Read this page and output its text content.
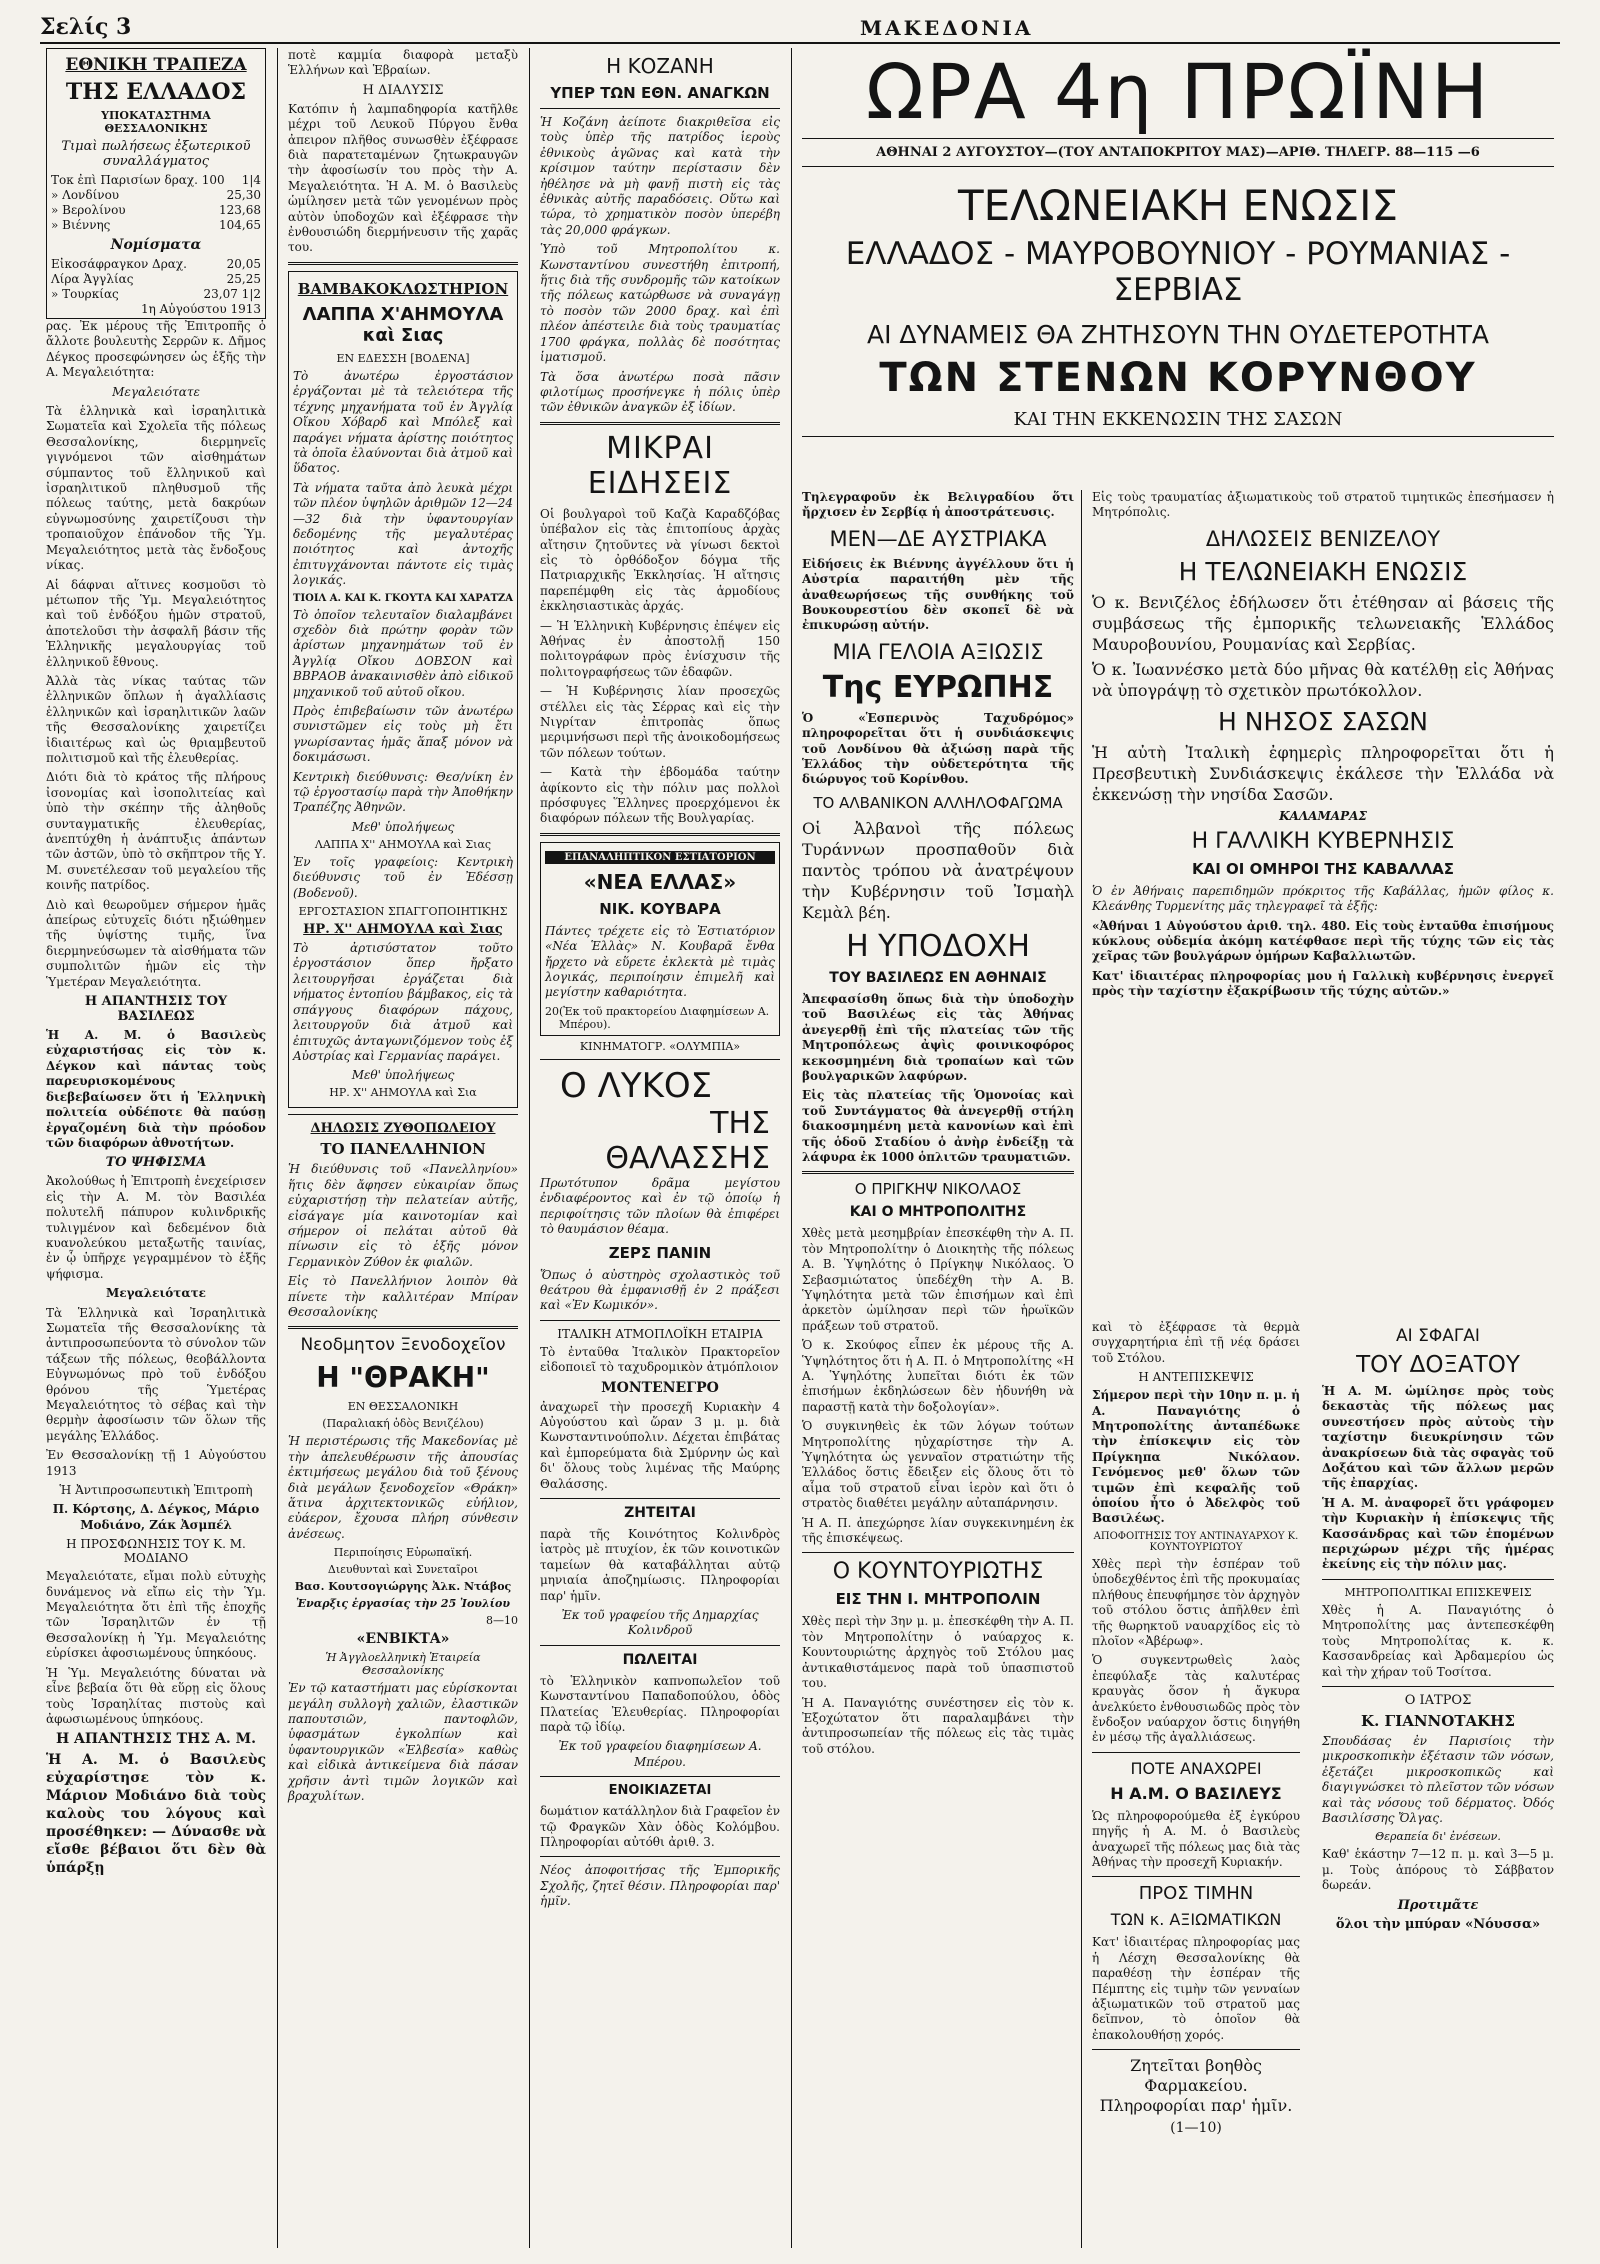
Σελίς 3	ΜΑΚΕΔΟΝΙΑ
ΕΘΝΙΚΗ ΤΡΑΠΕΖΑ
ΤΗΣ ΕΛΛΑΔΟΣ
ΥΠΟΚΑΤΑΣΤΗΜΑ ΘΕΣΣΑΛΟΝΙΚΗΣ
Τιμαὶ πωλήσεως ἐξωτερικοῦ συναλλάγματος
Τοκ ἐπὶ Παρισίων δραχ. 100 1|4
» Λονδίνου	25,30
» Βερολίνου	123,68
» Βιέννης	104,65
Νομίσματα
Εἰκοσάφραγκον Δραχ.	20,05
Λίρα Ἀγγλίας	25,25
» Τουρκίας	23,07 1|2
1η Αὐγούστου 1913

ρας. Ἐκ μέρους τῆς Ἐπιτροπῆς ὁ ἄλλοτε βουλευτὴς Σερρῶν κ. Δῆμος Δέγκος προσεφώνησεν ὡς ἑξῆς τὴν Α. Μεγαλειότητα:

Μεγαλειότατε

Τὰ ἑλληνικὰ καὶ ἰσραηλιτικὰ Σωματεῖα καὶ Σχολεῖα τῆς πόλεως Θεσσαλονίκης, διερμηνεῖς γιγνόμενοι τῶν αἰσθημάτων σύμπαντος τοῦ ἔλληνικοῦ καὶ ἰσραηλιτικοῦ πληθυσμοῦ τῆς πόλεως ταύτης, μετὰ δακρύων εὐγνωμοσύνης χαιρετίζουσι τὴν τροπαιοῦχον ἐπάνοδον τῆς Ὑμ. Μεγαλειότητος μετὰ τὰς ἔνδοξους νίκας.

Αἱ δάφναι αἵτινες κοσμοῦσι τὸ μέτωπον τῆς Ὑμ. Μεγαλειότητος καὶ τοῦ ἐνδόξου ἡμῶν στρατοῦ, ἀποτελοῦσι τὴν ἀσφαλῆ βάσιν τῆς Ἑλληνικῆς μεγαλουργίας τοῦ ἑλληνικοῦ ἔθνους.

Ἀλλὰ τὰς νίκας ταύτας τῶν ἑλληνικῶν ὅπλων ἡ ἀγαλλίασις ἑλληνικῶν καὶ ἰσραηλιτικῶν λαῶν τῆς Θεσσαλονίκης χαιρετίζει ἰδιαιτέρως καὶ ὡς θριαμβευτοῦ πολιτισμοῦ καὶ τῆς ἐλευθερίας.

Διότι διὰ τὸ κράτος τῆς πλήρους ἰσονομίας καὶ ἰσοπολιτείας καὶ ὑπὸ τὴν σκέπην τῆς ἀληθοῦς συνταγματικῆς ἐλευθερίας, ἀνεπτύχθη ἡ ἀνάπτυξις ἁπάντων τῶν ἀστῶν, ὑπὸ τὸ σκῆπτρον τῆς Υ. Μ. συνετέλεσαν τοῦ μεγαλείου τῆς κοινῆς πατρίδος.

Διὸ καὶ θεωροῦμεν σήμερον ἡμᾶς ἀπείρως εὐτυχεῖς διότι ηξιώθημεν τῆς ὑψίστης τιμῆς, ἵνα διερμηνεύσωμεν τὰ αἰσθήματα τῶν συμπολιτῶν ἡμῶν εἰς τὴν Ὑμετέραν Μεγαλειότητα.

Η ΑΠΑΝΤΗΣΙΣ ΤΟΥ ΒΑΣΙΛΕΩΣ

Ἡ Α. Μ. ὁ Βασιλεὺς εὐχαριστήσας εἰς τὸν κ. Δέγκον καὶ πάντας τοὺς παρευρισκομένους διεβεβαίωσεν ὅτι ἡ Ἑλληνικὴ πολιτεία οὐδέποτε θὰ παύσῃ ἐργαζομένη διὰ τὴν πρόοδον τῶν διαφόρων ἀθνοτήτων.

ΤΟ ΨΗΦΙΣΜΑ

Ἀκολούθως ἡ Ἐπιτροπὴ ἐνεχείρισεν εἰς τὴν Α. Μ. τὸν Βασιλέα πολυτελῆ πάπυρον κυλινδρικῆς τυλιγμένον καὶ δεδεμένον διὰ κυανολεύκου μεταξωτῆς ταινίας, ἐν ᾧ ὑπῆρχε γεγραμμένον τὸ ἑξῆς ψήφισμα.

Μεγαλειότατε

Τὰ Ἑλληνικὰ καὶ Ἰσραηλιτικὰ Σωματεῖα τῆς Θεσσαλονίκης τὰ ἀντιπροσωπεύοντα τὸ σύνολον τῶν τάξεων τῆς πόλεως, θεοβάλλοντα Εὐγνωμόνως πρὸ τοῦ ἐνδόξου θρόνου τῆς Ὑμετέρας Μεγαλειότητος τὸ σέβας καὶ τὴν θερμὴν ἀφοσίωσιν τῶν ὅλων τῆς μεγάλης Ἑλλάδος.

Ἐν Θεσσαλονίκῃ τῇ 1 Αὐγούστου 1913

Ἡ Ἀντιπροσωπευτικὴ Ἐπιτροπὴ

Π. Κόρτσης, Δ. Δέγκος, Μάριο Μοδιάνο, Ζάκ Ἀσμπέλ

Η ΠΡΟΣΦΩΝΗΣΙΣ ΤΟΥ Κ. Μ. ΜΟΔΙΑΝΟ

Μεγαλειότατε, εἴμαι πολὺ εὐτυχὴς δυνάμενος νὰ εἴπω εἰς τὴν Ὑμ. Μεγαλειότητα ὅτι ἐπὶ τῆς ἐποχῆς τῶν Ἰσραηλιτῶν ἐν τῇ Θεσσαλονίκῃ ἡ Ὑμ. Μεγαλειότης εὑρίσκει ἀφοσιωμένους ὑπηκόους.

Ἡ Ὑμ. Μεγαλειότης δύναται νὰ εἶνε βεβαία ὅτι θὰ εὕρῃ εἰς ὅλους τοὺς Ἰσραηλίτας πιστοὺς καὶ ἀφωσιωμένους ὑπηκόους.

Η ΑΠΑΝΤΗΣΙΣ ΤΗΣ Α. Μ.

Ἡ Α. Μ. ὁ Βασιλεὺς εὐχαρίστησε τὸν κ. Μάριον Μοδιάνο διὰ τοὺς καλοὺς του λόγους καὶ προσέθηκεν: — Δύνασθε νὰ εἴσθε βέβαιοι ὅτι δὲν θὰ ὑπάρξῃ

ποτὲ καμμία διαφορὰ μεταξὺ Ἑλλήνων καὶ Ἑβραίων.

Η ΔΙΑΛΥΣΙΣ

Κατόπιν ἡ λαμπαδηφορία κατῆλθε μέχρι τοῦ Λευκοῦ Πύργου ἔνθα ἀπειρον πλῆθος συνωσθὲν ἐξέφρασε διὰ παρατεταμένων ζητωκραυγῶν τὴν ἀφοσίωσίν του πρὸς τὴν Α. Μεγαλειότητα. Ἡ Α. Μ. ὁ Βασιλεὺς ὡμίλησεν μετὰ τῶν γενομένων πρὸς αὐτὸν ὑποδοχῶν καὶ ἐξέφρασε τὴν ἐνθουσιώδη διερμήνευσιν τῆς χαρᾶς του.

ΒΑΜΒΑΚΟΚΛΩΣΤΗΡΙΟΝ
ΛΑΠΠΑ Χ'ΑΗΜΟΥΛΑ καὶ Σιας
ΕΝ ΕΔΕΣΣΗ [ΒΟΔΕΝΑ]

Τὸ ἀνωτέρω ἐργοστάσιον ἐργάζονται μὲ τὰ τελειότερα τῆς τέχνης μηχανήματα τοῦ ἐν Ἀγγλίᾳ Οἴκου Χόβαρδ καὶ Μπόλεξ καὶ παράγει νήματα ἀρίστης ποιότητος τὰ ὁποῖα ἐλαύνονται διὰ ἀτμοῦ καὶ ὕδατος.

Τὰ νήματα ταῦτα ἀπὸ λευκὰ μέχρι τῶν πλέον ὑψηλῶν ἀριθμῶν 12—24—32 διὰ τὴν ὑφαντουργίαν δεδομένης τῆς μεγαλυτέρας ποιότητος καὶ ἀντοχῆς ἐπιτυγχάνονται πάντοτε εἰς τιμὰς λογικάς.

ΤΙΟΙΛ Α. ΚΑΙ Κ. ΓΚΟΥΤΑ ΚΑΙ ΧΑΡΑΤΖΑ

Τὸ ὁποῖον τελευταῖον διαλαμβάνει σχεδὸν διὰ πρώτην φορὰν τῶν ἀρίστων μηχανημάτων τοῦ ἐν Ἀγγλίᾳ Οἴκου ΔΟΒΣΟΝ καὶ ΒΒΡΑΟΒ ἀνακαινισθὲν ἀπὸ εἰδικοῦ μηχανικοῦ τοῦ αὐτοῦ οἴκου.

Πρὸς ἐπιβεβαίωσιν τῶν ἀνωτέρω συνιστῶμεν εἰς τοὺς μὴ ἔτι γνωρίσαντας ἡμᾶς ἅπαξ μόνον νὰ δοκιμάσωσι.

Κεντρικὴ διεύθυνσις: Θεσ/νίκη ἐν τῷ ἐργοστασίῳ παρὰ τὴν Ἀποθήκην Τραπέζης Ἀθηνῶν.

Μεθ' ὑπολήψεως
ΛΑΠΠΑ Χ'' ΑΗΜΟΥΛΑ καὶ Σιας

Ἐν τοῖς γραφείοις: Κεντρικὴ διεύθυνσις τοῦ ἐν Ἐδέσσῃ (Βοδενοῦ).

ΕΡΓΟΣΤΑΣΙΟΝ ΣΠΑΓΓΟΠΟΙΗΤΙΚΗΣ
ΗΡ. Χ'' ΑΗΜΟΥΛΑ καὶ Σιας

Τὸ ἀρτισύστατον τοῦτο ἐργοστάσιον ὅπερ ἤρξατο λειτουργῆσαι ἐργάζεται διὰ νήματος ἐντοπίου βάμβακος, εἰς τὰ σπάγγους διαφόρων πάχους, λειτουργοῦν διὰ ἀτμοῦ καὶ ἐπιτυχῶς ἀνταγωνιζόμενον τοὺς ἐξ Αὐστρίας καὶ Γερμανίας παράγει.

Μεθ' ὑπολήψεως
ΗΡ. Χ'' ΑΗΜΟΥΛΑ καὶ Σια
ΔΗΛΩΣΙΣ ΖΥΘΟΠΩΛΕΙΟΥ
ΤΟ ΠΑΝΕΛΛΗΝΙΟΝ

Ἡ διεύθυνσις τοῦ «Πανελληνίου» ἥτις δὲν ἄφησεν εὐκαιρίαν ὅπως εὐχαριστήσῃ τὴν πελατείαν αὐτῆς, εἰσάγαγε μία καινοτομίαν καὶ σήμερον οἱ πελάται αὐτοῦ θὰ πίνωσιν εἰς τὸ ἑξῆς μόνον Γερμανικὸν Ζύθον ἐκ φιαλῶν.

Εἰς τὸ Πανελλήνιον λοιπὸν θὰ πίνετε τὴν καλλιτέραν Μπίραν Θεσσαλονίκης

Νεοδμητον Ξενοδοχεῖον
Η "ΘΡΑΚΗ"
ΕΝ ΘΕΣΣΑΛΟΝΙΚΗ
(Παραλιακή ὁδὸς Βενιζέλου)

Ἡ περιστέρωσις τῆς Μακεδονίας μὲ τὴν ἀπελευθέρωσιν τῆς ἀπουσίας ἐκτιμήσεως μεγάλου διὰ τοῦ ξένους διὰ μεγάλων ξενοδοχεῖον «Θράκη» ἅτινα ἀρχιτεκτονικῶς εὐήλιον, εὐάερον, ἔχουσα πλήρη σύνθεσιν ἀνέσεως.

Περιποίησις Εὐρωπαϊκή.
Διευθυνταὶ καὶ Συνεταῖροι
Βασ. Κουτσογιώργης Ἀλκ. Ντάβος
Ἐναρξις ἐργασίας τὴν 25 Ἰουλίου
8—10
«ΕΝΒΙΚΤΑ»
Ἡ Ἀγγλοελληνικὴ Ἑταιρεία Θεσσαλονίκης

Ἐν τῷ καταστήματι μας εὑρίσκονται μεγάλη συλλογὴ χαλιῶν, ἐλαστικῶν παπουτσιῶν, παντοφλῶν, ὑφασμάτων ἐγκολπίων καὶ ὑφαντουργικῶν «Ἑλβεσία» καθὼς καὶ εἰδικὰ ἀντικείμενα διὰ πάσαν χρῆσιν ἀντὶ τιμῶν λογικῶν καὶ βραχυλίτων.

Η ΚΟΖΑΝΗ
ΥΠΕΡ ΤΩΝ ΕΘΝ. ΑΝΑΓΚΩΝ

Ἡ Κοζάνη ἀείποτε διακριθεῖσα εἰς τοὺς ὑπὲρ τῆς πατρίδος ἱεροὺς ἐθνικοὺς ἀγῶνας καὶ κατὰ τὴν κρίσιμον ταύτην περίστασιν δὲν ἠθέλησε νὰ μὴ φανῇ πιστὴ εἰς τὰς ἐθνικὰς αὐτῆς παραδόσεις. Οὕτω καὶ τώρα, τὸ χρηματικὸν ποσὸν ὑπερέβη τὰς 20,000 φράγκων.

Ὑπὸ τοῦ Μητροπολίτου κ. Κωνσταντίνου συνεστήθη ἐπιτροπή, ἥτις διὰ τῆς συνδρομῆς τῶν κατοίκων τῆς πόλεως κατώρθωσε νὰ συναγάγῃ τὸ ποσὸν τῶν 2000 δραχ. καὶ ἐπὶ πλέον ἀπέστειλε διὰ τοὺς τραυματίας 1700 φράγκα, πολλὰς δὲ ποσότητας ἱματισμοῦ.

Τὰ ὅσα ἀνωτέρω ποσὰ πᾶσιν φιλοτίμως προσήνεγκε ἡ πόλις ὑπὲρ τῶν ἐθνικῶν ἀναγκῶν ἐξ ἰδίων.

ΜΙΚΡΑΙ ΕΙΔΗΣΕΙΣ

Οἱ βουλγαροὶ τοῦ Καζὰ Καραδζόβας ὑπέβαλον εἰς τὰς ἐπιτοπίους ἀρχὰς αἴτησιν ζητοῦντες νὰ γίνωσι δεκτοὶ εἰς τὸ ὀρθόδοξον δόγμα τῆς Πατριαρχικῆς Ἐκκλησίας. Ἡ αἴτησις παρεπέμφθη εἰς τὰς ἁρμοδίους ἐκκλησιαστικὰς ἀρχάς.

— Ἡ Ἑλληνικὴ Κυβέρνησις ἐπέψεν εἰς Ἀθήνας ἐν ἀποστολῇ 150 πολιτογράφων πρὸς ἐνίσχυσιν τῆς πολιτογραφήσεως τῶν ἐδαφῶν.

— Ἡ Κυβέρνησις λίαν προσεχῶς στέλλει εἰς τὰς Σέρρας καὶ εἰς τὴν Νιγρίταν ἐπιτροπὰς ὅπως μεριμνήσωσι περὶ τῆς ἀνοικοδομήσεως τῶν πόλεων τούτων.

— Κατὰ τὴν ἑβδομάδα ταύτην ἀφίκοντο εἰς τὴν πόλιν μας πολλοὶ πρόσφυγες Ἕλληνες προερχόμενοι ἐκ διαφόρων πόλεων τῆς Βουλγαρίας.

ΕΠΑΝΑΛΗΠΤΙΚΟΝ ΕΣΤΙΑΤΟΡΙΟΝ
«ΝΕΑ ΕΛΛΑΣ»
ΝΙΚ. ΚΟΥΒΑΡΑ

Πάντες τρέχετε εἰς τὸ Ἐστιατόριον «Νέα Ἑλλὰς» Ν. Κουβαρᾶ ἔνθα ἤρχετο νὰ εὕρετε ἐκλεκτὰ μὲ τιμὰς λογικάς, περιποίησιν ἐπιμελῆ καὶ μεγίστην καθαριότητα.

20 (Ἐκ τοῦ πρακτορείου Διαφημίσεων Α. Μπέρου).
ΚΙΝΗΜΑΤΟΓΡ. «ΟΛΥΜΠΙΑ»
Ο ΛΥΚΟΣ
ΤΗΣ ΘΑΛΑΣΣΗΣ

Πρωτότυπον δρᾶμα μεγίστου ἐνδιαφέροντος καὶ ἐν τῷ ὁποίῳ ἡ περιφοίτησις τῶν πλοίων θὰ ἐπιφέρει τὸ θαυμάσιον θέαμα.

ΖΕΡΣ ΠΑΝΙΝ

Ὅπως ὁ αὐστηρὸς σχολαστικὸς τοῦ θεάτρου θὰ ἐμφανισθῇ ἐν 2 πράξεσι καὶ «Ἐν Κωμικόν».

ΙΤΑΛΙΚΗ ΑΤΜΟΠΛΟΪΚΗ ΕΤΑΙΡΙΑ

Τὸ ἐνταῦθα Ἰταλικὸν Πρακτορεῖον εἰδοποιεῖ τὸ ταχυδρομικὸν ἀτμόπλοιον

ΜΟΝΤΕΝΕΓΡΟ

ἀναχωρεῖ τὴν προσεχῆ Κυριακὴν 4 Αὐγούστου καὶ ὥραν 3 μ. μ. διὰ Κωνσταντινούπολιν. Δέχεται ἐπιβάτας καὶ ἐμπορεύματα διὰ Σμύρνην ὡς καὶ δι' ὅλους τοὺς λιμένας τῆς Μαύρης Θαλάσσης.

ΖΗΤΕΙΤΑΙ

παρὰ τῆς Κοινότητος Κολινδρὸς ἰατρὸς μὲ πτυχίον, ἐκ τῶν κοινοτικῶν ταμείων θὰ καταβάλληται αὐτῷ μηνιαία ἀποζημίωσις. Πληροφορίαι παρ' ἡμῖν.

Ἐκ τοῦ γραφείου τῆς Δημαρχίας Κολινδροῦ

ΠΩΛΕΙΤΑΙ

τὸ Ἑλληνικὸν καπνοπωλεῖον τοῦ Κωνσταντίνου Παπαδοπούλου, ὁδὸς Πλατείας Ἐλευθερίας. Πληροφορίαι παρὰ τῷ ἰδίῳ.

Ἐκ τοῦ γραφείου διαφημίσεων Α. Μπέρου.

ΕΝΟΙΚΙΑΖΕΤΑΙ

δωμάτιον κατάλληλον διὰ Γραφεῖον ἐν τῷ Φραγκῶν Χὰν ὁδὸς Κολόμβου. Πληροφορίαι αὐτόθι ἀριθ. 3.

Νέος ἀποφοιτήσας τῆς Ἐμπορικῆς Σχολῆς, ζητεῖ θέσιν. Πληροφορίαι παρ' ἡμῖν.

ΩΡΑ 4η ΠΡΩΪΝΗ
ΑΘΗΝΑΙ 2 ΑΥΓΟΥΣΤΟΥ—(ΤΟΥ ΑΝΤΑΠΟΚΡΙΤΟΥ ΜΑΣ)—ΑΡΙΘ. ΤΗΛΕΓΡ. 88—115 —6
ΤΕΛΩΝΕΙΑΚΗ ΕΝΩΣΙΣ
ΕΛΛΑΔΟΣ - ΜΑΥΡΟΒΟΥΝΙΟΥ - ΡΟΥΜΑΝΙΑΣ - ΣΕΡΒΙΑΣ
ΑΙ ΔΥΝΑΜΕΙΣ ΘΑ ΖΗΤΗΣΟΥΝ ΤΗΝ ΟΥΔΕΤΕΡΟΤΗΤΑ
ΤΩΝ ΣΤΕΝΩΝ ΚΟΡΥΝΘΟΥ
ΚΑΙ ΤΗΝ ΕΚΚΕΝΩΣΙΝ ΤΗΣ ΣΑΣΩΝ

Τηλεγραφοῦν ἐκ Βελιγραδίου ὅτι ἤρχισεν ἐν Σερβίᾳ ἡ ἀποστράτευσις.

ΜΕΝ—ΔΕ ΑΥΣΤΡΙΑΚΑ

Εἰδήσεις ἐκ Βιέννης ἀγγέλλουν ὅτι ἡ Αὐστρία παραιτήθη μὲν τῆς ἀναθεωρήσεως τῆς συνθήκης τοῦ Βουκουρεστίου δὲν σκοπεῖ δὲ νὰ ἐπικυρώσῃ αὐτήν.

ΜΙΑ ΓΕΛΟΙΑ ΑΞΙΩΣΙΣ
Της ΕΥΡΩΠΗΣ

Ὁ «Ἑσπερινὸς Ταχυδρόμος» πληροφορεῖται ὅτι ἡ συνδιάσκεψις τοῦ Λονδίνου θὰ ἀξιώσῃ παρὰ τῆς Ἑλλάδος τὴν οὐδετερότητα τῆς διώρυγος τοῦ Κορίνθου.

ΤΟ ΑΛΒΑΝΙΚΟΝ ΑΛΛΗΛΟΦΑΓΩΜΑ

Οἱ Ἀλβανοὶ τῆς πόλεως Τυράννων προσπαθοῦν διὰ παντὸς τρόπου νὰ ἀνατρέψουν τὴν Κυβέρνησιν τοῦ Ἰσμαὴλ Κεμὰλ βέη.

Η ΥΠΟΔΟΧΗ
ΤΟΥ ΒΑΣΙΛΕΩΣ ΕΝ ΑΘΗΝΑΙΣ

Ἀπεφασίσθη ὅπως διὰ τὴν ὑποδοχὴν τοῦ Βασιλέως εἰς τὰς Ἀθήνας ἀνεγερθῇ ἐπὶ τῆς πλατείας τῶν τῆς Μητροπόλεως ἀψὶς φοινικοφόρος κεκοσμημένη διὰ τροπαίων καὶ τῶν βουλγαρικῶν λαφύρων.

Εἰς τὰς πλατείας τῆς Ὁμονοίας καὶ τοῦ Συντάγματος θὰ ἀνεγερθῇ στήλη διακοσμημένη μετὰ κανονίων καὶ ἐπὶ τῆς ὁδοῦ Σταδίου ὁ ἀνὴρ ἐνδείξῃ τὰ λάφυρα ἐκ 1000 ὁπλιτῶν τραυματιῶν.

Ο ΠΡΙΓΚΗΨ ΝΙΚΟΛΑΟΣ
ΚΑΙ Ο ΜΗΤΡΟΠΟΛΙΤΗΣ

Χθὲς μετὰ μεσημβρίαν ἐπεσκέφθη τὴν Α. Π. τὸν Μητροπολίτην ὁ Διοικητὴς τῆς πόλεως Α. Β. Ὑψηλότης ὁ Πρίγκηψ Νικόλαος. Ὁ Σεβασμιώτατος ὑπεδέχθη τὴν Α. Β. Ὑψηλότητα μετὰ τῶν ἐπισήμων καὶ ἐπὶ ἀρκετὸν ὡμίλησαν περὶ τῶν ἡρωϊκῶν πράξεων τοῦ στρατοῦ.

Ὁ κ. Σκούφος εἶπεν ἐκ μέρους τῆς Α. Ὑψηλότητος ὅτι ἡ Α. Π. ὁ Μητροπολίτης «Η Α. Ὑψηλότης λυπεῖται διότι ἐκ τῶν ἐπισήμων ἐκδηλώσεων δὲν ἠδυνήθη νὰ παραστῇ κατὰ τὴν δοξολογίαν».

Ὁ συγκινηθεὶς ἐκ τῶν λόγων τούτων Μητροπολίτης ηὐχαρίστησε τὴν Α. Ὑψηλότητα ὡς γενναῖον στρατιώτην τῆς Ἑλλάδος ὅστις ἔδειξεν εἰς ὅλους ὅτι τὸ αἷμα τοῦ στρατοῦ εἶναι ἱερὸν καὶ ὅτι ὁ στρατὸς διαθέτει μεγάλην αὐταπάρνησιν.

Ἡ Α. Π. ἀπεχώρησε λίαν συγκεκινημένη ἐκ τῆς ἐπισκέψεως.

Ο ΚΟΥΝΤΟΥΡΙΩΤΗΣ
ΕΙΣ ΤΗΝ Ι. ΜΗΤΡΟΠΟΛΙΝ

Χθὲς περὶ τὴν 3ην μ. μ. ἐπεσκέφθη τὴν Α. Π. τὸν Μητροπολίτην ὁ ναύαρχος κ. Κουντουριώτης ἀρχηγὸς τοῦ Στόλου μας ἀντικαθιστάμενος παρὰ τοῦ ὑπασπιστοῦ του.

Ἡ Α. Παναγιότης συνέστησεν εἰς τὸν κ. Ἐξοχώτατον ὅτι παραλαμβάνει τὴν ἀντιπροσωπείαν τῆς πόλεως εἰς τὰς τιμὰς τοῦ στόλου.

καὶ τὸ ἐξέφρασε τὰ θερμὰ συγχαρητήρια ἐπὶ τῇ νέᾳ δράσει τοῦ Στόλου.

Η ΑΝΤΕΠΙΣΚΕΨΙΣ

Σήμερον περὶ τὴν 10ην π. μ. ἡ Α. Παναγιότης ὁ Μητροπολίτης ἀνταπέδωκε τὴν ἐπίσκεψιν εἰς τὸν Πρίγκηπα Νικόλαον. Γενόμενος μεθ' ὅλων τῶν τιμῶν ἐπὶ κεφαλῆς τοῦ ὁποίου ἦτο ὁ Ἀδελφὸς τοῦ Βασιλέως.

ΑΠΟΦΟΙΤΗΣΙΣ ΤΟΥ ΑΝΤΙΝΑΥΑΡΧΟΥ Κ. ΚΟΥΝΤΟΥΡΙΩΤΟΥ

Χθὲς περὶ τὴν ἑσπέραν τοῦ ὑποδεχθέντος ἐπὶ τῆς προκυμαίας πλήθους ἐπευφήμησε τὸν ἀρχηγὸν τοῦ στόλου ὅστις ἀπῆλθεν ἐπὶ τῆς θωρηκτοῦ ναυαρχίδος εἰς τὸ πλοῖον «Ἀβέρωφ».

Ὁ συγκεντρωθεὶς λαὸς ἐπεφύλαξε τὰς καλυτέρας κραυγὰς ὅσον ἡ ἄγκυρα ἀνελκύετο ἐνθουσιωδῶς πρὸς τὸν ἔνδοξον ναύαρχον ὅστις διηγήθη ἐν μέσῳ τῆς ἀγαλλιάσεως.

ΠΟΤΕ ΑΝΑΧΩΡΕΙ
Η Α.Μ. Ο ΒΑΣΙΛΕΥΣ

Ὡς πληροφορούμεθα ἐξ ἐγκύρου πηγῆς ἡ Α. Μ. ὁ Βασιλεὺς ἀναχωρεῖ τῆς πόλεως μας διὰ τὰς Ἀθήνας τὴν προσεχῆ Κυριακήν.

ΠΡΟΣ ΤΙΜΗΝ
ΤΩΝ κ. ΑΞΙΩΜΑΤΙΚΩΝ

Κατ' ἰδιαιτέρας πληροφορίας μας ἡ Λέσχη Θεσσαλονίκης θὰ παραθέσῃ τὴν ἑσπέραν τῆς Πέμπτης εἰς τιμὴν τῶν γενναίων ἀξιωματικῶν τοῦ στρατοῦ μας δεῖπνον, τὸ ὁποῖον θὰ ἐπακολουθήσῃ χορός.

Ζητεῖται βοηθὸς Φαρμακείου. Πληροφορίαι παρ' ἡμῖν.

(1—10)

Εἰς τοὺς τραυματίας ἀξιωματικοὺς τοῦ στρατοῦ τιμητικῶς ἐπεσήμασεν ἡ Μητρόπολις.

ΔΗΛΩΣΕΙΣ ΒΕΝΙΖΕΛΟΥ
Η ΤΕΛΩΝΕΙΑΚΗ ΕΝΩΣΙΣ

Ὁ κ. Βενιζέλος ἐδήλωσεν ὅτι ἐτέθησαν αἱ βάσεις τῆς συμβάσεως τῆς ἐμπορικῆς τελωνειακῆς Ἑλλάδος Μαυροβουνίου, Ρουμανίας καὶ Σερβίας.

Ὁ κ. Ἰωαννέσκο μετὰ δύο μῆνας θὰ κατέλθῃ εἰς Ἀθήνας νὰ ὑπογράψῃ τὸ σχετικὸν πρωτόκολλον.

Η ΝΗΣΟΣ ΣΑΣΩΝ

Ἡ αὐτὴ Ἰταλικὴ ἐφημερὶς πληροφορεῖται ὅτι ἡ Πρεσβευτικὴ Συνδιάσκεψις ἐκάλεσε τὴν Ἑλλάδα νὰ ἐκκενώσῃ τὴν νησίδα Σασῶν.

ΚΑΛΑΜΑΡΑΣ
Η ΓΑΛΛΙΚΗ ΚΥΒΕΡΝΗΣΙΣ
ΚΑΙ ΟΙ ΟΜΗΡΟΙ ΤΗΣ ΚΑΒΑΛΛΑΣ

Ὁ ἐν Ἀθήναις παρεπιδημῶν πρόκριτος τῆς Καβάλλας, ἡμῶν φίλος κ. Κλεάνθης Τυρμενίτης μᾶς τηλεγραφεῖ τὰ ἑξῆς:

«Ἀθήναι 1 Αὐγούστου ἀριθ. τηλ. 480. Εἰς τοὺς ἐνταῦθα ἐπισήμους κύκλους οὐδεμία ἀκόμη κατέφθασε περὶ τῆς τύχης τῶν εἰς τὰς χεῖρας τῶν βουλγάρων ὁμήρων Καβαλλιωτῶν.

Κατ' ἰδιαιτέρας πληροφορίας μου ἡ Γαλλικὴ κυβέρνησις ἐνεργεῖ πρὸς τὴν ταχίστην ἐξακρίβωσιν τῆς τύχης αὐτῶν.»

ΑΙ ΣΦΑΓΑΙ
ΤΟΥ ΔΟΞΑΤΟΥ

Ἡ Α. Μ. ὡμίλησε πρὸς τοὺς δεκαστὰς τῆς πόλεως μας συνεστήσεν πρὸς αὐτοὺς τὴν ταχίστην διευκρίνησιν τῶν ἀνακρίσεων διὰ τὰς σφαγὰς τοῦ Δοξάτου καὶ τῶν ἄλλων μερῶν τῆς ἐπαρχίας.

Ἡ Α. Μ. ἀναφορεῖ ὅτι γράφομεν τὴν Κυριακὴν ἡ ἐπίσκεψις τῆς Κασσάνδρας καὶ τῶν ἑπομένων περιχώρων μέχρι τῆς ἡμέρας ἐκείνης εἰς τὴν πόλιν μας.

ΜΗΤΡΟΠΟΛΙΤΙΚΑΙ ΕΠΙΣΚΕΨΕΙΣ

Χθὲς ἡ Α. Παναγιότης ὁ Μητροπολίτης μας ἀντεπεσκέφθη τοὺς Μητροπολίτας κ. κ. Κασσανδρείας καὶ Ἀρδαμερίου ὡς καὶ τὴν χήραν τοῦ Τοσίτσα.

Ο ΙΑΤΡΟΣ
Κ. ΓΙΑΝΝΟΤΑΚΗΣ

Σπουδάσας ἐν Παρισίοις τὴν μικροσκοπικὴν ἐξέτασιν τῶν νόσων, ἐξετάζει μικροσκοπικῶς καὶ διαγιγνώσκει τὸ πλεῖστον τῶν νόσων καὶ τὰς νόσους τοῦ δέρματος. Ὀδός Βασιλίσσης Ὄλγας.

Θεραπεία δι' ἐνέσεων.

Καθ' ἑκάστην 7—12 π. μ. καὶ 3—5 μ. μ. Τοὺς ἀπόρους τὸ Σάββατον δωρεάν.

Προτιμᾶτε
ὅλοι τὴν μπύραν «Νόυσσα»
